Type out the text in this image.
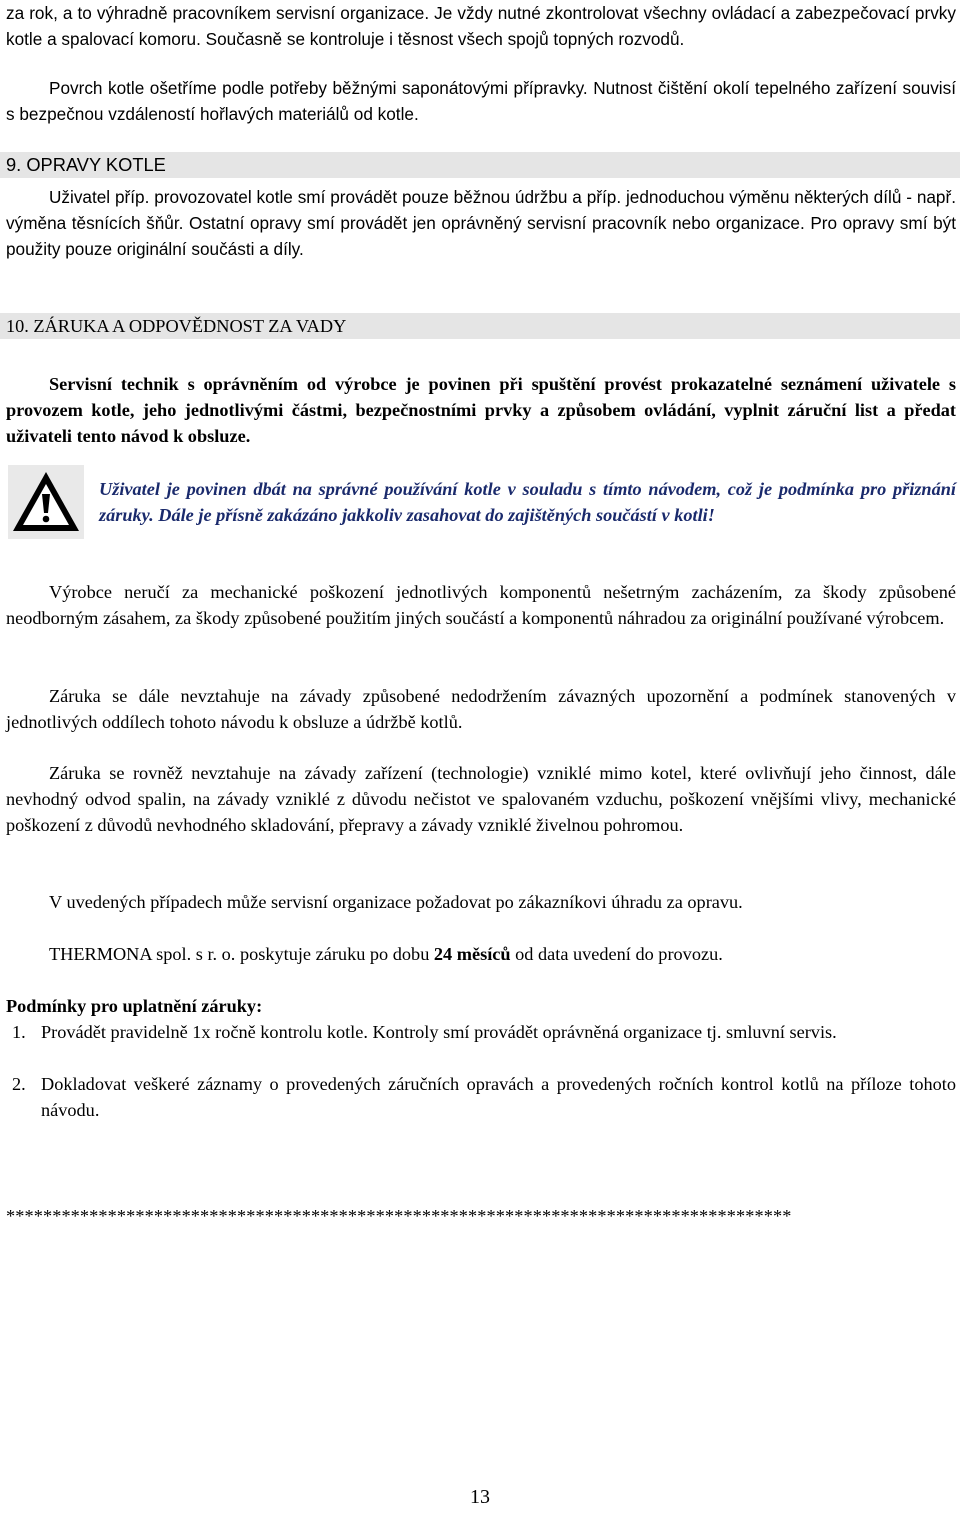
za rok, a to výhradně pracovníkem servisní organizace. Je vždy nutné zkontrolovat všechny ovládací a zabezpečovací prvky kotle a spalovací komoru. Současně se kontroluje i těsnost všech spojů topných rozvodů.

Povrch kotle ošetříme podle potřeby běžnými saponátovými přípravky. Nutnost čištění okolí tepelného zařízení souvisí s bezpečnou vzdáleností hořlavých materiálů od kotle.

9. OPRAVY KOTLE

Uživatel příp. provozovatel kotle smí provádět pouze běžnou údržbu a příp. jednoduchou výměnu některých dílů - např. výměna těsnících šňůr. Ostatní opravy smí provádět jen oprávněný servisní pracovník nebo organizace. Pro opravy smí být použity pouze originální součásti a díly.

10. ZÁRUKA A ODPOVĚDNOST ZA VADY

Servisní technik s oprávněním od výrobce je povinen při spuštění provést prokazatelné seznámení uživatele s provozem kotle, jeho jednotlivými částmi, bezpečnostními prvky a způsobem ovládání, vyplnit záruční list a předat uživateli tento návod k obsluze.

Uživatel je povinen dbát na správné používání kotle v souladu s tímto návodem, což je podmínka pro přiznání záruky. Dále je přísně zakázáno jakkoliv zasahovat do zajištěných součástí v kotli!

Výrobce neručí za mechanické poškození jednotlivých komponentů nešetrným zacházením, za škody způsobené neodborným zásahem, za škody způsobené použitím jiných součástí a komponentů náhradou za originální používané výrobcem.

Záruka se dále nevztahuje na závady způsobené nedodržením závazných upozornění a podmínek stanovených v jednotlivých oddílech tohoto návodu k obsluze a údržbě kotlů.

Záruka se rovněž nevztahuje na závady zařízení (technologie) vzniklé mimo kotel, které ovlivňují jeho činnost, dále nevhodný odvod spalin, na závady vzniklé z důvodu nečistot ve spalovaném vzduchu, poškození vnějšími vlivy, mechanické poškození z důvodů nevhodného skladování, přepravy a závady vzniklé živelnou pohromou.

V uvedených případech může servisní organizace požadovat po zákazníkovi úhradu za opravu.

THERMONA spol. s r. o. poskytuje záruku po dobu 24 měsíců od data uvedení do provozu.

Podmínky pro uplatnění záruky:

1. Provádět pravidelně 1x ročně kontrolu kotle. Kontroly smí provádět oprávněná organizace tj. smluvní servis.
2. Dokladovat veškeré záznamy o provedených záručních opravách a provedených ročních kontrol kotlů na příloze tohoto návodu.
*************************************************************************************
13
